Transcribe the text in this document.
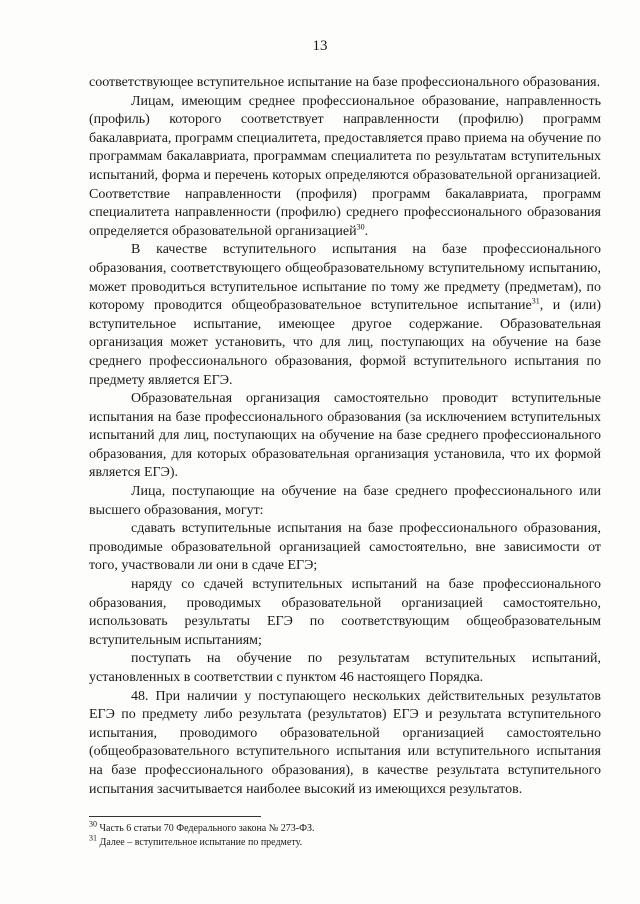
13

соответствующее вступительное испытание на базе профессионального образования.

Лицам, имеющим среднее профессиональное образование, направленность (профиль) которого соответствует направленности (профилю) программ бакалавриата, программ специалитета, предоставляется право приема на обучение по программам бакалавриата, программам специалитета по результатам вступительных испытаний, форма и перечень которых определяются образовательной организацией. Соответствие направленности (профиля) программ бакалавриата, программ специалитета направленности (профилю) среднего профессионального образования определяется образовательной организацией$^{30}$.

В качестве вступительного испытания на базе профессионального образования, соответствующего общеобразовательному вступительному испытанию, может проводиться вступительное испытание по тому же предмету (предметам), по которому проводится общеобразовательное вступительное испытание$^{31}$, и (или) вступительное испытание, имеющее другое содержание. Образовательная организация может установить, что для лиц, поступающих на обучение на базе среднего профессионального образования, формой вступительного испытания по предмету является ЕГЭ.

Образовательная организация самостоятельно проводит вступительные испытания на базе профессионального образования (за исключением вступительных испытаний для лиц, поступающих на обучение на базе среднего профессионального образования, для которых образовательная организация установила, что их формой является ЕГЭ).

Лица, поступающие на обучение на базе среднего профессионального или высшего образования, могут:

сдавать вступительные испытания на базе профессионального образования, проводимые образовательной организацией самостоятельно, вне зависимости от того, участвовали ли они в сдаче ЕГЭ;

наряду со сдачей вступительных испытаний на базе профессионального образования, проводимых образовательной организацией самостоятельно, использовать результаты ЕГЭ по соответствующим общеобразовательным вступительным испытаниям;

поступать на обучение по результатам вступительных испытаний, установленных в соответствии с пунктом 46 настоящего Порядка.

48. При наличии у поступающего нескольких действительных результатов ЕГЭ по предмету либо результата (результатов) ЕГЭ и результата вступительного испытания, проводимого образовательной организацией самостоятельно (общеобразовательного вступительного испытания или вступительного испытания на базе профессионального образования), в качестве результата вступительного испытания засчитывается наиболее высокий из имеющихся результатов.

$^{30}$ Часть 6 статьи 70 Федерального закона № 273-ФЗ.
$^{31}$ Далее – вступительное испытание по предмету.
